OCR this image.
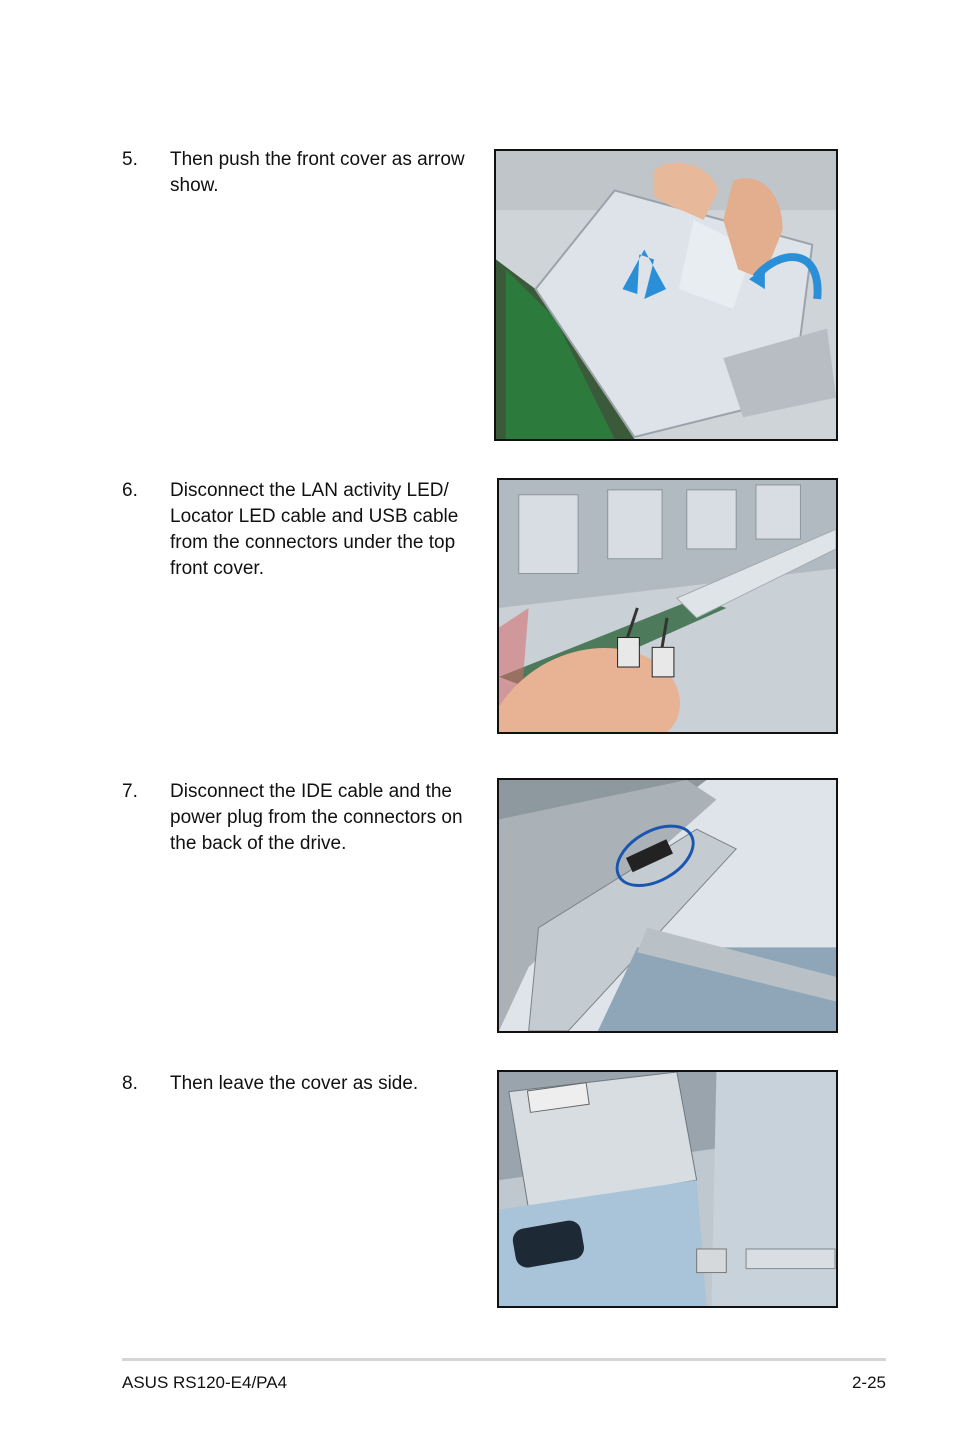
5. Then push the front cover as arrow show.
6. Disconnect the LAN activity LED/ Locator LED cable and USB cable from the connectors under the top front cover.
7. Disconnect the IDE cable and the power plug from the connectors on the back of the drive.
8. Then leave the cover as side.
ASUS RS120-E4/PA4	2-25
